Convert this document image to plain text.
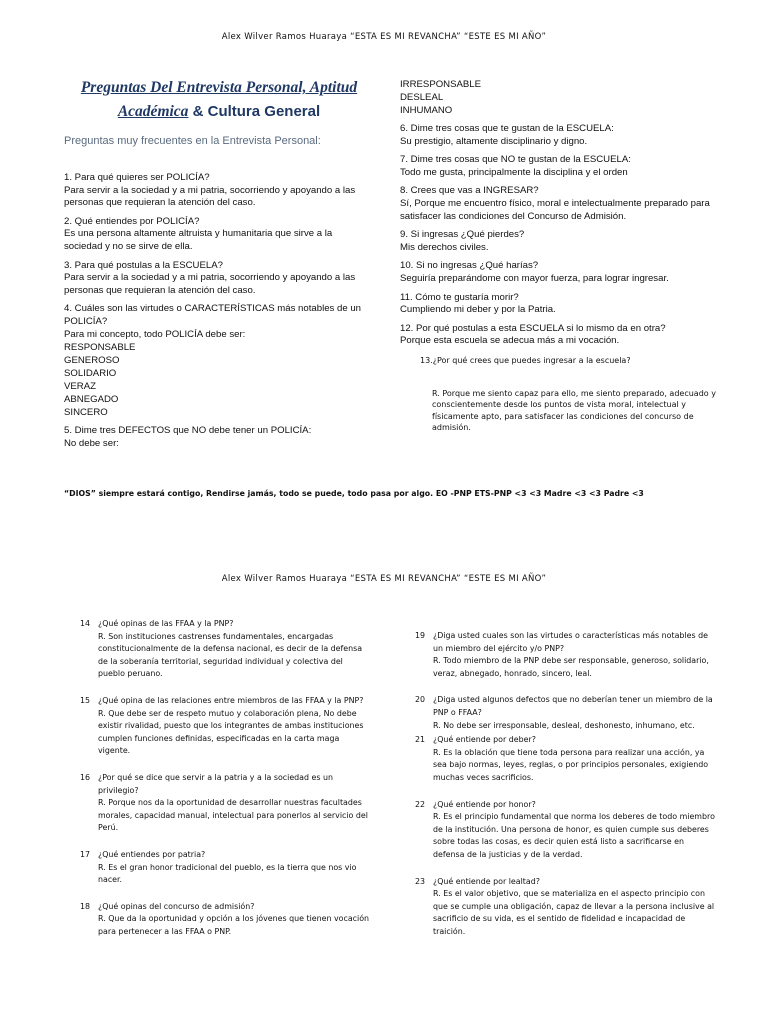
Alex Wilver Ramos Huaraya “ESTA ES MI REVANCHA” “ESTE ES MI AÑO”
Preguntas Del Entrevista Personal, Aptitud
Académica & Cultura General
Preguntas muy frecuentes en la Entrevista Personal:

1. Para qué quieres ser POLICÍA?

Para servir a la sociedad y a mi patria, socorriendo y apoyando a las personas que requieran la atención del caso.

2. Qué entiendes por POLICÍA?

Es una persona altamente altruista y humanitaria que sirve a la sociedad y no se sirve de ella.

3. Para qué postulas a la ESCUELA?

Para servir a la sociedad y a mi patria, socorriendo y apoyando a las personas que requieran la atención del caso.

4. Cuáles son las virtudes o CARACTERÍSTICAS más notables de un POLICÍA?

Para mi concepto, todo POLICÍA debe ser:

RESPONSABLE

GENEROSO

SOLIDARIO

VERAZ

ABNEGADO

SINCERO

5. Dime tres DEFECTOS que NO debe tener un POLICÍA:

No debe ser:

IRRESPONSABLE

DESLEAL

INHUMANO

6. Dime tres cosas que te gustan de la ESCUELA:

Su prestigio, altamente disciplinario y digno.

7. Dime tres cosas que NO te gustan de la ESCUELA:

Todo me gusta, principalmente la disciplina y el orden

8. Crees que vas a INGRESAR?

Sí, Porque me encuentro físico, moral e intelectualmente preparado para satisfacer las condiciones del Concurso de Admisión.

9. Si ingresas ¿Qué pierdes?

Mis derechos civiles.

10. Si no ingresas ¿Qué harías?

Seguiría preparándome con mayor fuerza, para lograr ingresar.

11. Cómo te gustaría morir?

Cumpliendo mi deber y por la Patria.

12. Por qué postulas a esta ESCUELA si lo mismo da en otra?

Porque esta escuela se adecua más a mi vocación.

13.¿Por qué crees que puedes ingresar a la escuela?
R. Porque me siento capaz para ello, me siento preparado, adecuado y conscientemente desde los puntos de vista moral, intelectual y físicamente apto, para satisfacer las condiciones del concurso de admisión.
“DIOS” siempre estará contigo, Rendirse jamás, todo se puede, todo pasa por algo. EO -PNP ETS-PNP <3 <3 Madre <3 <3 Padre <3
Alex Wilver Ramos Huaraya “ESTA ES MI REVANCHA” “ESTE ES MI AÑO”
14 ¿Qué opinas de las FFAA y la PNP?
R. Son instituciones castrenses fundamentales, encargadas constitucionalmente de la defensa nacional, es decir de la defensa de la soberanía territorial, seguridad individual y colectiva del pueblo peruano.
15 ¿Qué opina de las relaciones entre miembros de las FFAA y la PNP?
R. Que debe ser de respeto mutuo y colaboración plena, No debe existir rivalidad, puesto que los integrantes de ambas instituciones cumplen funciones definidas, especificadas en la carta maga vigente.
16 ¿Por qué se dice que servir a la patria y a la sociedad es un privilegio?
R. Porque nos da la oportunidad de desarrollar nuestras facultades morales, capacidad manual, intelectual para ponerlos al servicio del Perú.
17 ¿Qué entiendes por patria?
R. Es el gran honor tradicional del pueblo, es la tierra que nos vio nacer.
18 ¿Qué opinas del concurso de admisión?
R. Que da la oportunidad y opción a los jóvenes que tienen vocación para pertenecer a las FFAA o PNP.
19 ¿Diga usted cuales son las virtudes o características más notables de un miembro del ejército y/o PNP?
R. Todo miembro de la PNP debe ser responsable, generoso, solidario, veraz, abnegado, honrado, sincero, leal.
20 ¿Diga usted algunos defectos que no deberían tener un miembro de la PNP o FFAA?
R. No debe ser irresponsable, desleal, deshonesto, inhumano, etc.
21 ¿Qué entiende por deber?
R. Es la oblación que tiene toda persona para realizar una acción, ya sea bajo normas, leyes, reglas, o por principios personales, exigiendo muchas veces sacrificios.
22 ¿Qué entiende por honor?
R. Es el principio fundamental que norma los deberes de todo miembro de la institución. Una persona de honor, es quien cumple sus deberes sobre todas las cosas, es decir quien está listo a sacrificarse en defensa de la justicias y de la verdad.
23 ¿Qué entiende por lealtad?
R. Es el valor objetivo, que se materializa en el aspecto principio con que se cumple una obligación, capaz de llevar a la persona inclusive al sacrificio de su vida, es el sentido de fidelidad e incapacidad de traición.
